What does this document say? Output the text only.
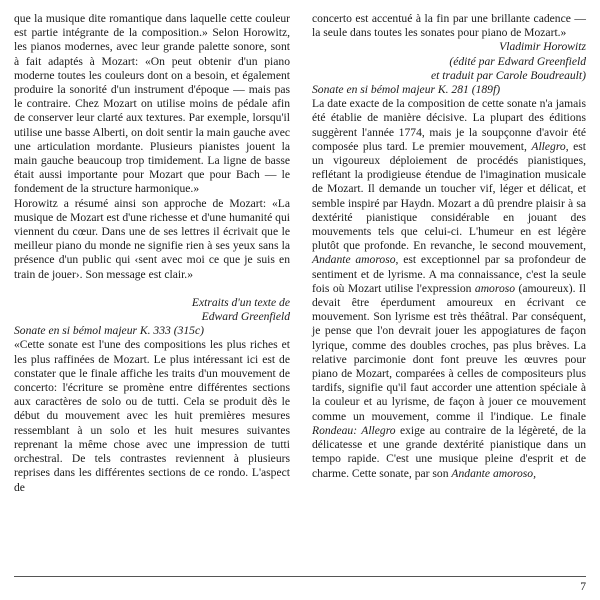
que la musique dite romantique dans laquelle cette couleur est partie intégrante de la composition.» Selon Horowitz, les pianos modernes, avec leur grande palette sonore, sont à fait adaptés à Mozart: «On peut obtenir d'un piano moderne toutes les couleurs dont on a besoin, et également produire la sonorité d'un instrument d'époque — mais pas le contraire. Chez Mozart on utilise moins de pédale afin de conserver leur clarté aux textures. Par exemple, lorsqu'il utilise une basse Alberti, on doit sentir la main gauche avec une articulation mordante. Plusieurs pianistes jouent la main gauche beaucoup trop timidement. La ligne de basse était aussi importante pour Mozart que pour Bach — le fondement de la structure harmonique.»

Horowitz a résumé ainsi son approche de Mozart: «La musique de Mozart est d'une richesse et d'une humanité qui viennent du cœur. Dans une de ses lettres il écrivait que le meilleur piano du monde ne signifie rien à ses yeux sans la présence d'un public qui ‹sent avec moi ce que je suis en train de jouer›. Son message est clair.»

Extraits d'un texte de
Edward Greenfield

Sonate en si bémol majeur K. 333 (315c)

«Cette sonate est l'une des compositions les plus riches et les plus raffinées de Mozart. Le plus intéressant ici est de constater que le finale affiche les traits d'un mouvement de concerto: l'écriture se promène entre différentes sections aux caractères de solo ou de tutti. Cela se produit dès le début du mouvement avec les huit premières mesures ressemblant à un solo et les huit mesures suivantes reprenant la même chose avec une impression de tutti orchestral. De tels contrastes reviennent à plusieurs reprises dans les différentes sections de ce rondo. L'aspect de

concerto est accentué à la fin par une brillante cadence — la seule dans toutes les sonates pour piano de Mozart.»

Vladimir Horowitz
(édité par Edward Greenfield
et traduit par Carole Boudreault)

Sonate en si bémol majeur K. 281 (189f)

La date exacte de la composition de cette sonate n'a jamais été établie de manière décisive. La plupart des éditions suggèrent l'année 1774, mais je la soupçonne d'avoir été composée plus tard. Le premier mouvement, Allegro, est un vigoureux déploiement de procédés pianistiques, reflétant la prodigieuse étendue de l'imagination musicale de Mozart. Il demande un toucher vif, léger et délicat, et semble inspiré par Haydn. Mozart a dû prendre plaisir à sa dextérité pianistique considérable en jouant des mouvements tels que celui-ci. L'humeur en est légère plutôt que profonde. En revanche, le second mouvement, Andante amoroso, est exceptionnel par sa profondeur de sentiment et de lyrisme. A ma connaissance, c'est la seule fois où Mozart utilise l'expression amoroso (amoureux). Il devait être éperdument amoureux en écrivant ce mouvement. Son lyrisme est très théâtral. Par conséquent, je pense que l'on devrait jouer les appogiatures de façon lyrique, comme des doubles croches, pas plus brèves. La relative parcimonie dont font preuve les œuvres pour piano de Mozart, comparées à celles de compositeurs plus tardifs, signifie qu'il faut accorder une attention spéciale à la couleur et au lyrisme, de façon à jouer ce mouvement comme un mouvement, comme il l'indique. Le finale Rondeau: Allegro exige au contraire de la légèreté, de la délicatesse et une grande dextérité pianistique dans un tempo rapide. C'est une musique pleine d'esprit et de charme. Cette sonate, par son Andante amoroso,

7
